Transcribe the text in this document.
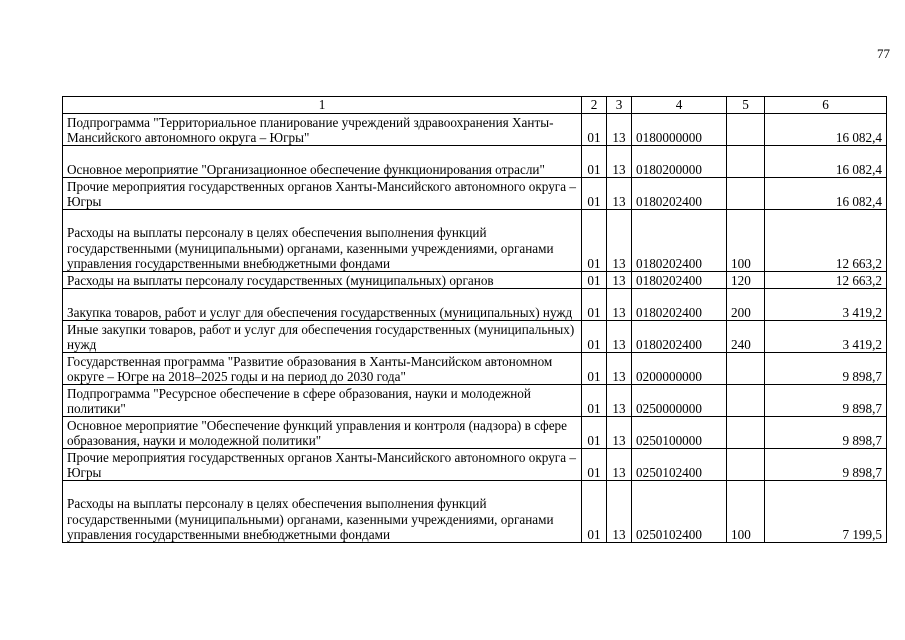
77
1	2	3	4	5	6
Подпрограмма "Территориальное планирование учреждений здравоохранения Ханты-Мансийского автономного округа – Югры"	01	13	0180000000		16 082,4
Основное мероприятие "Организационное обеспечение функционирования отрасли"	01	13	0180200000		16 082,4
Прочие мероприятия государственных органов Ханты-Мансийского автономного округа – Югры	01	13	0180202400		16 082,4
Расходы на выплаты персоналу в целях обеспечения выполнения функций государственными (муниципальными) органами, казенными учреждениями, органами управления государственными внебюджетными фондами	01	13	0180202400	100	12 663,2
Расходы на выплаты персоналу государственных (муниципальных) органов	01	13	0180202400	120	12 663,2
Закупка товаров, работ и услуг для обеспечения государственных (муниципальных) нужд	01	13	0180202400	200	3 419,2
Иные закупки товаров, работ и услуг для обеспечения государственных (муниципальных) нужд	01	13	0180202400	240	3 419,2
Государственная программа "Развитие образования в Ханты-Мансийском автономном округе – Югре на 2018–2025 годы и на период до 2030 года"	01	13	0200000000		9 898,7
Подпрограмма "Ресурсное обеспечение в сфере образования, науки и молодежной политики"	01	13	0250000000		9 898,7
Основное мероприятие "Обеспечение функций управления и контроля (надзора) в сфере образования, науки и молодежной политики"	01	13	0250100000		9 898,7
Прочие мероприятия государственных органов Ханты-Мансийского автономного округа – Югры	01	13	0250102400		9 898,7
Расходы на выплаты персоналу в целях обеспечения выполнения функций государственными (муниципальными) органами, казенными учреждениями, органами управления государственными внебюджетными фондами	01	13	0250102400	100	7 199,5
